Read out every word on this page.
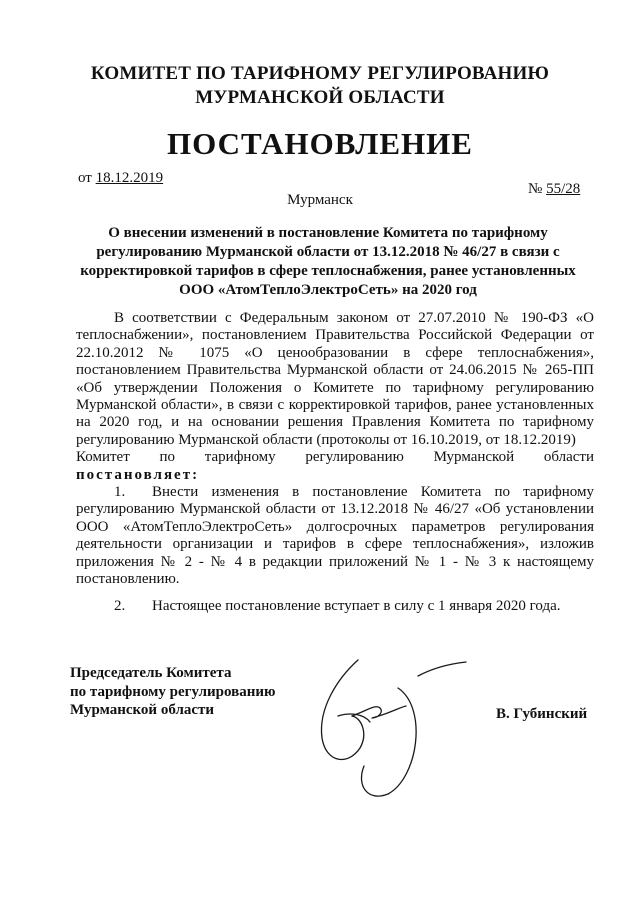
КОМИТЕТ ПО ТАРИФНОМУ РЕГУЛИРОВАНИЮ
МУРМАНСКОЙ ОБЛАСТИ
ПОСТАНОВЛЕНИЕ
от 18.12.2019
№ 55/28
Мурманск
О внесении изменений в постановление Комитета по тарифному регулированию Мурманской области от 13.12.2018 № 46/27 в связи с корректировкой тарифов в сфере теплоснабжения, ранее установленных ООО «АтомТеплоЭлектроСеть» на 2020 год

В соответствии с Федеральным законом от 27.07.2010 № 190-ФЗ «О теплоснабжении», постановлением Правительства Российской Федерации от 22.10.2012 № 1075 «О ценообразовании в сфере теплоснабжения», постановлением Правительства Мурманской области от 24.06.2015 № 265-ПП «Об утверждении Положения о Комитете по тарифному регулированию Мурманской области», в связи с корректировкой тарифов, ранее установленных на 2020 год, и на основании решения Правления Комитета по тарифному регулированию Мурманской области (протоколы от 16.10.2019, от 18.12.2019)

Комитет по тарифному регулированию Мурманской области

постановляет:

1. Внести изменения в постановление Комитета по тарифному регулированию Мурманской области от 13.12.2018 № 46/27 «Об установлении ООО «АтомТеплоЭлектроСеть» долгосрочных параметров регулирования деятельности организации и тарифов в сфере теплоснабжения», изложив приложения № 2 - № 4 в редакции приложений № 1 - № 3 к настоящему постановлению.

2. Настоящее постановление вступает в силу с 1 января 2020 года.

Председатель Комитета
по тарифному регулированию
Мурманской области	В. Губинский
